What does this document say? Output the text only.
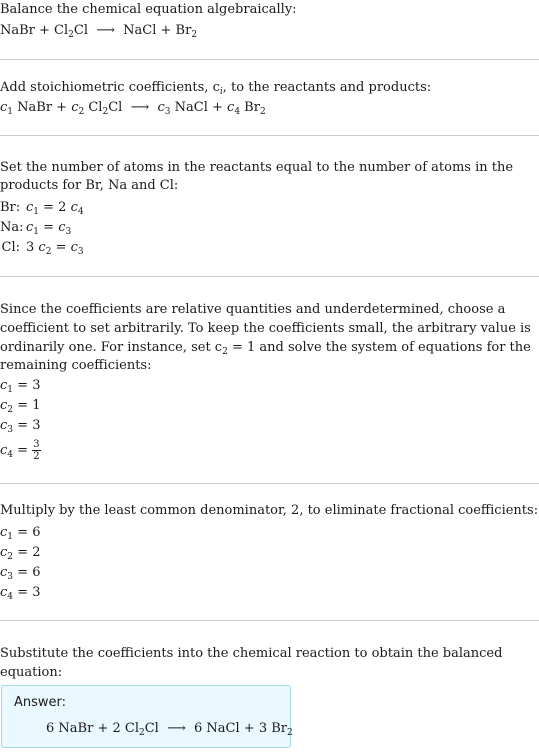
Balance the chemical equation algebraically:
NaBr + $Cl_2Cl$  ⟶  NaCl + $Br_2$
Add stoichiometric coefficients, $c_i$, to the reactants and products:
$c_1$ NaBr + $c_2$ $Cl_2Cl$  ⟶  $c_3$ NaCl + $c_4$ $Br_2$
Set the number of atoms in the reactants equal to the number of atoms in the
products for Br, Na and Cl:
Br: $c_1 = 2$ $c_4$
Na: $c_1 = c_3$
Cl: 3 $c_2 = c_3$
Since the coefficients are relative quantities and underdetermined, choose a
coefficient to set arbitrarily. To keep the coefficients small, the arbitrary value is
ordinarily one. For instance, set $c_2 = 1$ and solve the system of equations for the
remaining coefficients:
$c_1 = 3$
$c_2 = 1$
$c_3 = 3$
$c_4 = \frac{3}{2}$
Multiply by the least common denominator, 2, to eliminate fractional coefficients:
$c_1 = 6$
$c_2 = 2$
$c_3 = 6$
$c_4 = 3$
Substitute the coefficients into the chemical reaction to obtain the balanced
equation:
Answer:
6 NaBr + 2 $Cl_2Cl$  ⟶  6 NaCl + 3 $Br_2$
